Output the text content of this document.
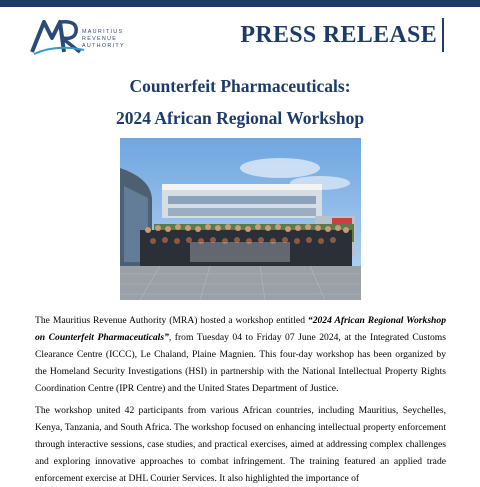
MAURITIUS
REVENUE
AUTHORITY	PRESS RELEASE
Counterfeit Pharmaceuticals:
2024 African Regional Workshop

The Mauritius Revenue Authority (MRA) hosted a workshop entitled “2024 African Regional Workshop on Counterfeit Pharmaceuticals”, from Tuesday 04 to Friday 07 June 2024, at the Integrated Customs Clearance Centre (ICCC), Le Chaland, Plaine Magnien. This four-day workshop has been organized by the Homeland Security Investigations (HSI) in partnership with the National Intellectual Property Rights Coordination Centre (IPR Centre) and the United States Department of Justice.

The workshop united 42 participants from various African countries, including Mauritius, Seychelles, Kenya, Tanzania, and South Africa. The workshop focused on enhancing intellectual property enforcement through interactive sessions, case studies, and practical exercises, aimed at addressing complex challenges and exploring innovative approaches to combat infringement. The training featured an applied trade enforcement exercise at DHL Courier Services. It also highlighted the importance of
